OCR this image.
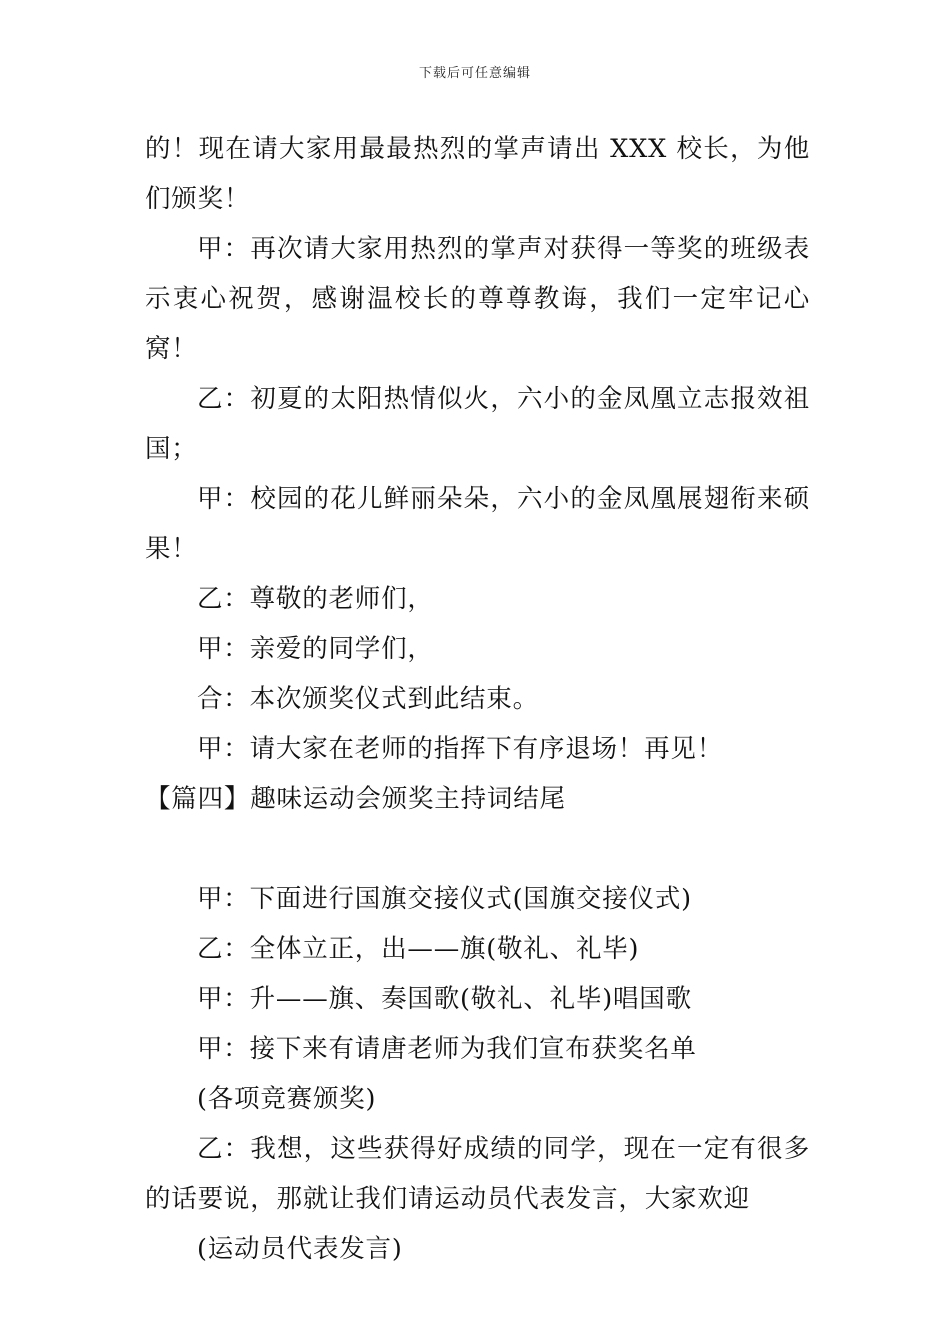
下载后可任意编辑

的！现在请大家用最最热烈的掌声请出 XXX 校长，为他们颁奖！

甲：再次请大家用热烈的掌声对获得一等奖的班级表示衷心祝贺，感谢温校长的尊尊教诲，我们一定牢记心窝！

乙：初夏的太阳热情似火，六小的金凤凰立志报效祖国；

甲：校园的花儿鲜丽朵朵，六小的金凤凰展翅衔来硕果！

乙：尊敬的老师们，

甲：亲爱的同学们，

合：本次颁奖仪式到此结束。

甲：请大家在老师的指挥下有序退场！再见！

【篇四】趣味运动会颁奖主持词结尾

甲：下面进行国旗交接仪式(国旗交接仪式)

乙：全体立正，出——旗(敬礼、礼毕)

甲：升——旗、奏国歌(敬礼、礼毕)唱国歌

甲：接下来有请唐老师为我们宣布获奖名单

(各项竞赛颁奖)

乙：我想，这些获得好成绩的同学，现在一定有很多的话要说，那就让我们请运动员代表发言，大家欢迎

(运动员代表发言)
